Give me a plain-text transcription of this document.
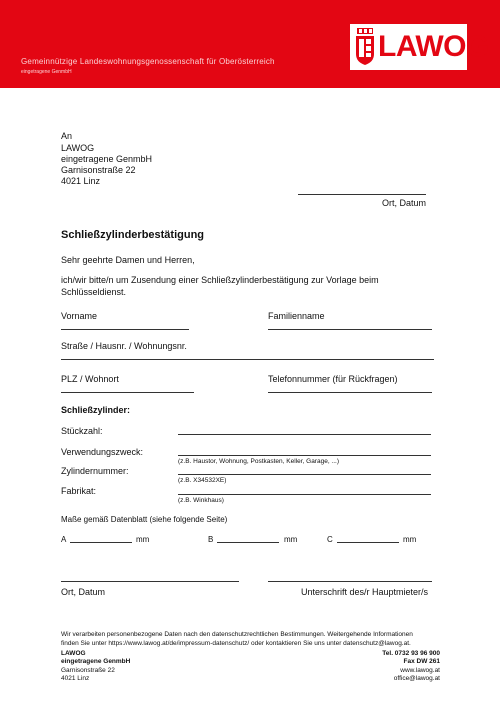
Gemeinnützige Landeswohnungsgenossenschaft für Oberösterreich
eingetragene GenmbH
LAWOG
An
LAWOG
eingetragene GenmbH
Garnisonstraße 22
4021 Linz
Ort, Datum
Schließzylinderbestätigung
Sehr geehrte Damen und Herren,
ich/wir bitte/n um Zusendung einer Schließzylinderbestätigung zur Vorlage beim
Schlüsseldienst.
Vorname	Familienname
Straße / Hausnr. / Wohnungsnr.
PLZ / Wohnort	Telefonnummer (für Rückfragen)
Schließzylinder:
Stückzahl:
Verwendungszweck:
(z.B. Haustor, Wohnung, Postkasten, Keller, Garage, ...)
Zylindernummer:
(z.B. X34532XE)
Fabrikat:
(z.B. Winkhaus)
Maße gemäß Datenblatt (siehe folgende Seite)
A	mm	B	mm	C	mm
Ort, Datum	Unterschrift des/r Hauptmieter/s
Wir verarbeiten personenbezogene Daten nach den datenschutzrechtlichen Bestimmungen. Weitergehende Informationen
finden Sie unter https://www.lawog.at/de/impressum-datenschutz/ oder kontaktieren Sie uns unter datenschutz@lawog.at.
LAWOG
eingetragene GenmbH
Garnisonstraße 22
4021 Linz
Tel. 0732 93 96 900
Fax DW 261
www.lawog.at
office@lawog.at
